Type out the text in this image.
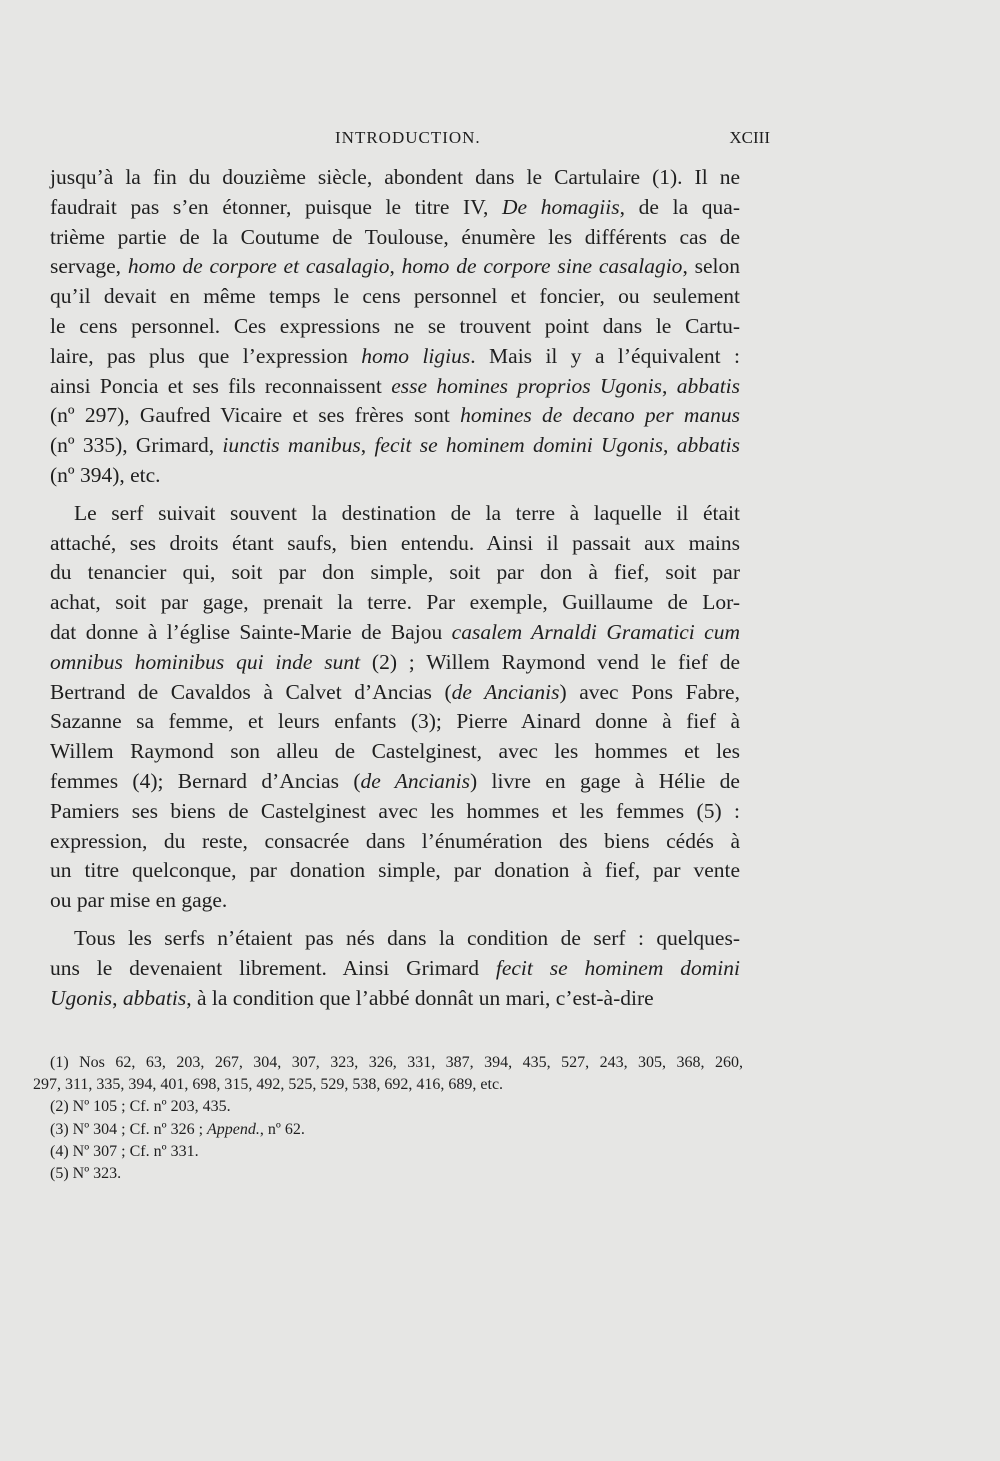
INTRODUCTION.	XCIII
jusqu’à la fin du douzième siècle, abondent dans le Cartulaire (1). Il ne
faudrait pas s’en étonner, puisque le titre IV, De homagiis, de la qua-
trième partie de la Coutume de Toulouse, énumère les différents cas de
servage, homo de corpore et casalagio, homo de corpore sine casalagio, selon
qu’il devait en même temps le cens personnel et foncier, ou seulement
le cens personnel. Ces expressions ne se trouvent point dans le Cartu-
laire, pas plus que l’expression homo ligius. Mais il y a l’équivalent :
ainsi Poncia et ses fils reconnaissent esse homines proprios Ugonis, abbatis
(nº 297), Gaufred Vicaire et ses frères sont homines de decano per manus
(nº 335), Grimard, iunctis manibus, fecit se hominem domini Ugonis, abbatis
(nº 394), etc.
Le serf suivait souvent la destination de la terre à laquelle il était
attaché, ses droits étant saufs, bien entendu. Ainsi il passait aux mains
du tenancier qui, soit par don simple, soit par don à fief, soit par
achat, soit par gage, prenait la terre. Par exemple, Guillaume de Lor-
dat donne à l’église Sainte-Marie de Bajou casalem Arnaldi Gramatici cum
omnibus hominibus qui inde sunt (2) ; Willem Raymond vend le fief de
Bertrand de Cavaldos à Calvet d’Ancias (de Ancianis) avec Pons Fabre,
Sazanne sa femme, et leurs enfants (3); Pierre Ainard donne à fief à
Willem Raymond son alleu de Castelginest, avec les hommes et les
femmes (4); Bernard d’Ancias (de Ancianis) livre en gage à Hélie de
Pamiers ses biens de Castelginest avec les hommes et les femmes (5) :
expression, du reste, consacrée dans l’énumération des biens cédés à
un titre quelconque, par donation simple, par donation à fief, par vente
ou par mise en gage.
Tous les serfs n’étaient pas nés dans la condition de serf : quelques-
uns le devenaient librement. Ainsi Grimard fecit se hominem domini
Ugonis, abbatis, à la condition que l’abbé donnât un mari, c’est-à-dire
(1) Nos 62, 63, 203, 267, 304, 307, 323, 326, 331, 387, 394, 435, 527, 243, 305, 368, 260,
297, 311, 335, 394, 401, 698, 315, 492, 525, 529, 538, 692, 416, 689, etc.
(2) Nº 105 ; Cf. nº 203, 435.
(3) Nº 304 ; Cf. nº 326 ; Append., nº 62.
(4) Nº 307 ; Cf. nº 331.
(5) Nº 323.
